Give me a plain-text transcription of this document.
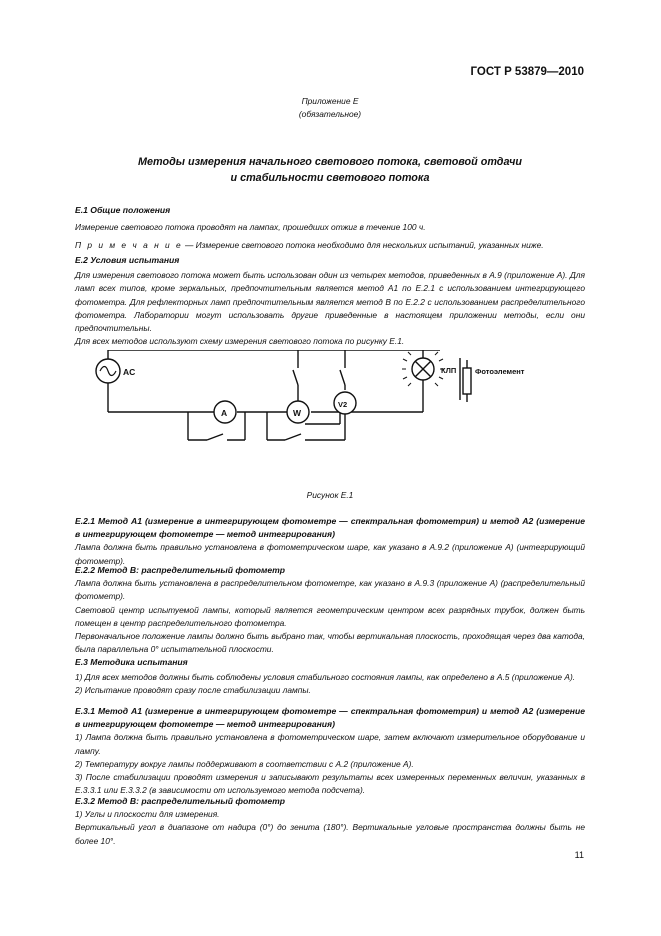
ГОСТ Р 53879—2010
Приложение Е
(обязательное)
Методы измерения начального светового потока, световой отдачи
и стабильности светового потока

Е.1 Общие положения

Измерение светового потока проводят на лампах, прошедших отжиг в течение 100 ч.

П р и м е ч а н и е — Измерение светового потока необходимо для нескольких испытаний, указанных ниже.

Е.2 Условия испытания

Для измерения светового потока может быть использован один из четырех методов, приведенных в А.9 (приложение А). Для ламп всех типов, кроме зеркальных, предпочтительным является метод А1 по Е.2.1 с использованием интегрирующего фотометра. Для рефлекторных ламп предпочтительным является метод В по Е.2.2 с использованием распределительного фотометра. Лаборатории могут использовать другие приведенные в настоящем приложении методы, если они предпочтительны.

Для всех методов используют схему измерения светового потока по рисунку Е.1.

AC
A	W
V2
КЛП	Фотоэлемент
Рисунок Е.1

Е.2.1 Метод А1 (измерение в интегрирующем фотометре — спектральная фотометрия) и метод А2 (измерение в интегрирующем фотометре — метод интегрирования)

Лампа должна быть правильно установлена в фотометрическом шаре, как указано в А.9.2 (приложение А) (интегрирующий фотометр).

Е.2.2 Метод В: распределительный фотометр

Лампа должна быть установлена в распределительном фотометре, как указано в А.9.3 (приложение А) (распределительный фотометр).

Световой центр испытуемой лампы, который является геометрическим центром всех разрядных трубок, должен быть помещен в центр распределительного фотометра.

Первоначальное положение лампы должно быть выбрано так, чтобы вертикальная плоскость, проходящая через два катода, была параллельна 0° испытательной плоскости.

Е.3 Методика испытания

1) Для всех методов должны быть соблюдены условия стабильного состояния лампы, как определено в А.5 (приложение А).

2) Испытание проводят сразу после стабилизации лампы.

Е.3.1 Метод А1 (измерение в интегрирующем фотометре — спектральная фотометрия) и метод А2 (измерение в интегрирующем фотометре — метод интегрирования)

1) Лампа должна быть правильно установлена в фотометрическом шаре, затем включают измерительное оборудование и лампу.

2) Температуру вокруг лампы поддерживают в соответствии с А.2 (приложение А).

3) После стабилизации проводят измерения и записывают результаты всех измеренных переменных величин, указанных в Е.3.3.1 или Е.3.3.2 (в зависимости от используемого метода подсчета).

Е.3.2 Метод В: распределительный фотометр

1) Углы и плоскости для измерения.

Вертикальный угол в диапазоне от надира (0°) до зенита (180°). Вертикальные угловые пространства должны быть не более 10°.

11
